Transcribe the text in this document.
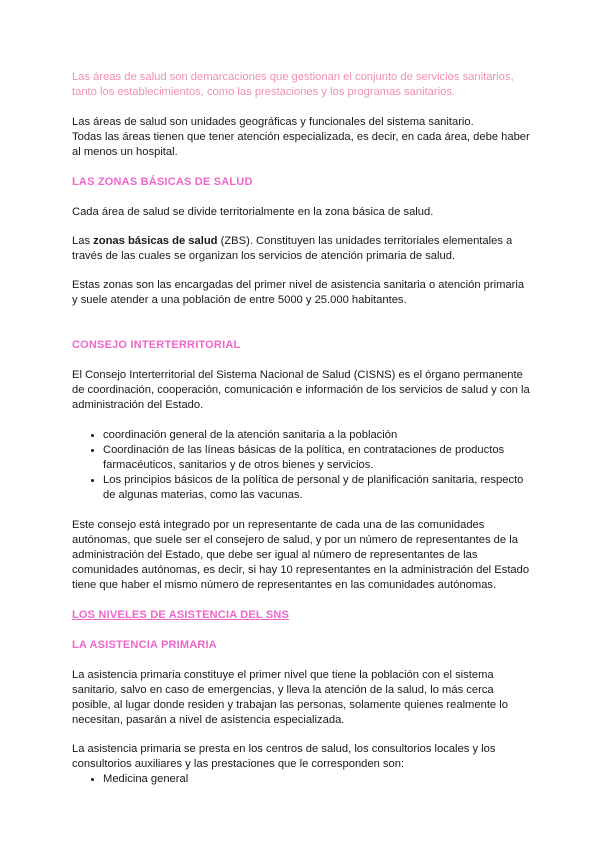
Las áreas de salud son demarcaciones que gestionan el conjunto de servicios sanitarios, tanto los establecimientos, como las prestaciones y los programas sanitarios.

Las áreas de salud son unidades geográficas y funcionales del sistema sanitario.

Todas las áreas tienen que tener atención especializada, es decir, en cada área, debe haber al menos un hospital.

LAS ZONAS BÁSICAS DE SALUD

Cada área de salud se divide territorialmente en la zona básica de salud.

Las zonas básicas de salud (ZBS). Constituyen las unidades territoriales elementales a través de las cuales se organizan los servicios de atención primaria de salud.

Estas zonas son las encargadas del primer nivel de asistencia sanitaria o atención primaria y suele atender a una población de entre 5000 y 25.000 habitantes.

CONSEJO INTERTERRITORIAL

El Consejo Interterritorial del Sistema Nacional de Salud (CISNS) es el órgano permanente de coordinación, cooperación, comunicación e información de los servicios de salud y con la administración del Estado.

• coordinación general de la atención sanitaria a la población
• Coordinación de las líneas básicas de la política, en contrataciones de productos farmacéuticos, sanitarios y de otros bienes y servicios.
• Los principios básicos de la política de personal y de planificación sanitaria, respecto de algunas materias, como las vacunas.

Este consejo está integrado por un representante de cada una de las comunidades autónomas, que suele ser el consejero de salud, y por un número de representantes de la administración del Estado, que debe ser igual al número de representantes de las comunidades autónomas, es decir, si hay 10 representantes en la administración del Estado tiene que haber el mismo número de representantes en las comunidades autónomas.

LOS NIVELES DE ASISTENCIA DEL SNS

LA ASISTENCIA PRIMARIA

La asistencia primaria constituye el primer nivel que tiene la población con el sistema sanitario, salvo en caso de emergencias, y lleva la atención de la salud, lo más cerca posible, al lugar donde residen y trabajan las personas, solamente quienes realmente lo necesitan, pasarán a nivel de asistencia especializada.

La asistencia primaria se presta en los centros de salud, los consultorios locales y los consultorios auxiliares y las prestaciones que le corresponden son:

• Medicina general
